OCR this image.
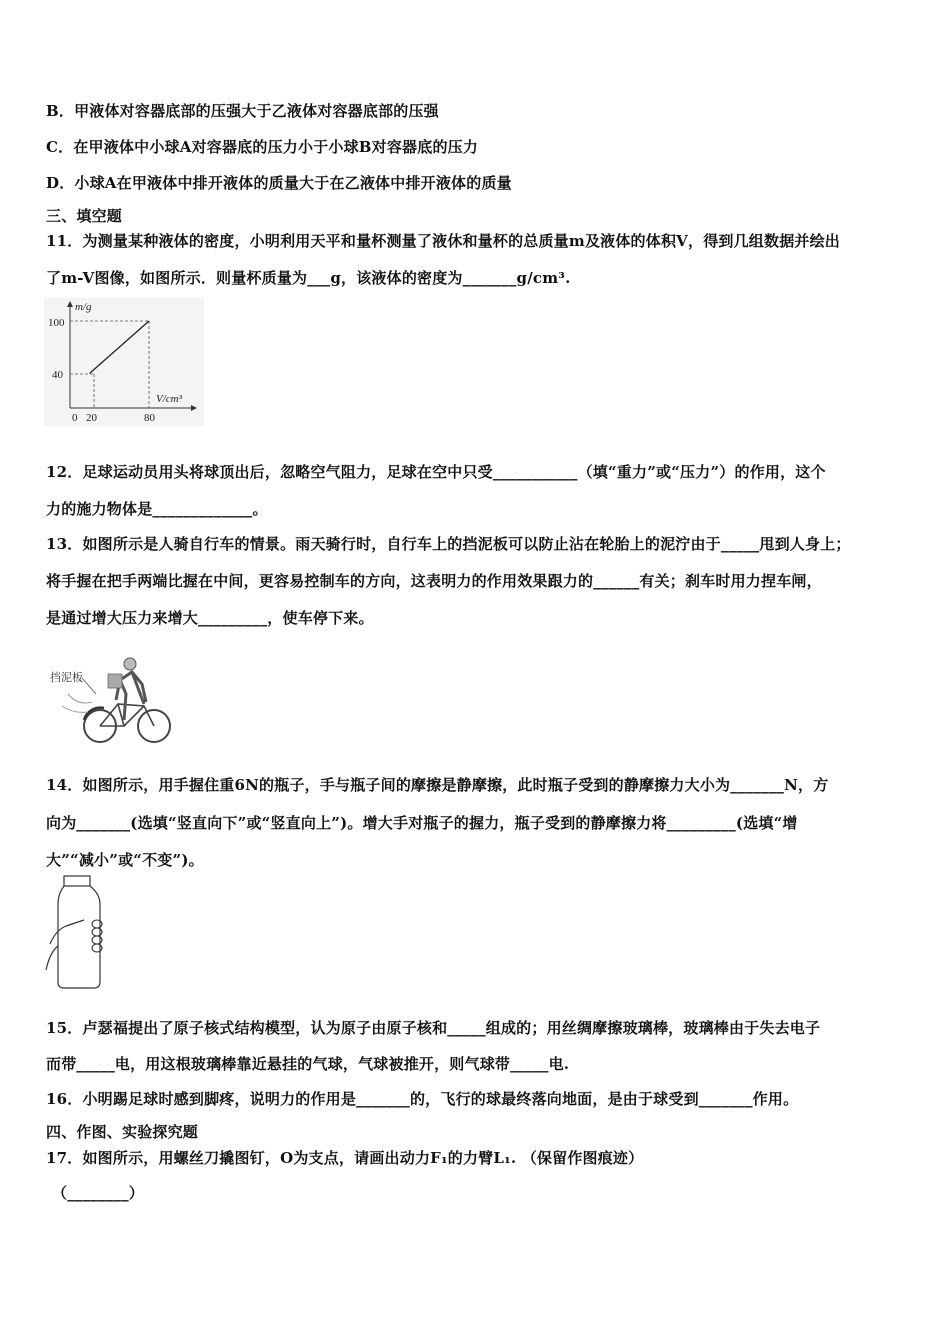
B．甲液体对容器底部的压强大于乙液体对容器底部的压强
C．在甲液体中小球A对容器底的压力小于小球B对容器底的压力
D．小球A在甲液体中排开液体的质量大于在乙液体中排开液体的质量
三、填空题
11．为测量某种液体的密度，小明利用天平和量杯测量了液休和量杯的总质量m及液体的体积V，得到几组数据并绘出
了m-V图像，如图所示．则量杯质量为___g，该液体的密度为_______g/cm³.
m/g
V/cm³
100
40
0 20	80
12．足球运动员用头将球顶出后，忽略空气阻力，足球在空中只受___________（填“重力”或“压力”）的作用，这个
力的施力物体是_____________。
13．如图所示是人骑自行车的情景。雨天骑行时，自行车上的挡泥板可以防止沾在轮胎上的泥泞由于_____甩到人身上；
将手握在把手两端比握在中间，更容易控制车的方向，这表明力的作用效果跟力的______有关；刹车时用力捏车闸，
是通过增大压力来增大_________，使车停下来。
挡泥板
14．如图所示，用手握住重6N的瓶子，手与瓶子间的摩擦是静摩擦，此时瓶子受到的静摩擦力大小为_______N，方
向为_______(选填“竖直向下”或“竖直向上”)。增大手对瓶子的握力，瓶子受到的静摩擦力将_________(选填“增
大”“减小”或“不变”)。
15．卢瑟福提出了原子核式结构模型，认为原子由原子核和_____组成的；用丝绸摩擦玻璃棒，玻璃棒由于失去电子
而带_____电，用这根玻璃棒靠近悬挂的气球，气球被推开，则气球带_____电.
16．小明踢足球时感到脚疼，说明力的作用是_______的，飞行的球最终落向地面，是由于球受到_______作用。
四、作图、实验探究题
17．如图所示，用螺丝刀撬图钉，O为支点，请画出动力F₁的力臂L₁. （保留作图痕迹）
（________）
